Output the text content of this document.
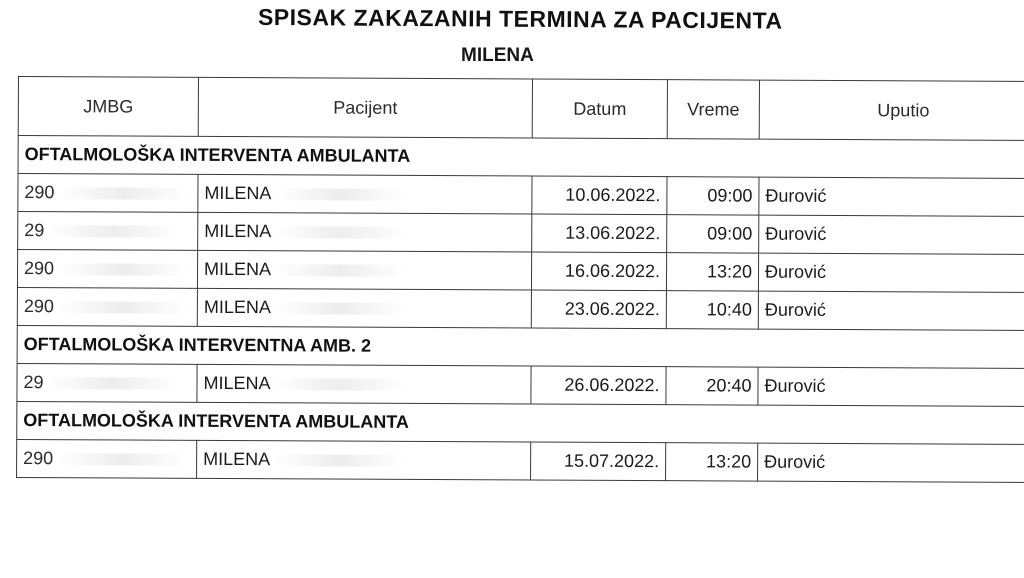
SPISAK ZAKAZANIH TERMINA ZA PACIJENTA
MILENA
JMBG	Pacijent	Datum	Vreme	Uputio
OFTALMOLOŠKA INTERVENTA AMBULANTA				
290	MILENA	10.06.2022.	09:00	Đurović
29	MILENA	13.06.2022.	09:00	Đurović
290	MILENA	16.06.2022.	13:20	Đurović
290	MILENA	23.06.2022.	10:40	Đurović
OFTALMOLOŠKA INTERVENTNA AMB. 2				
29	MILENA	26.06.2022.	20:40	Đurović
OFTALMOLOŠKA INTERVENTA AMBULANTA				
290	MILENA	15.07.2022.	13:20	Đurović
